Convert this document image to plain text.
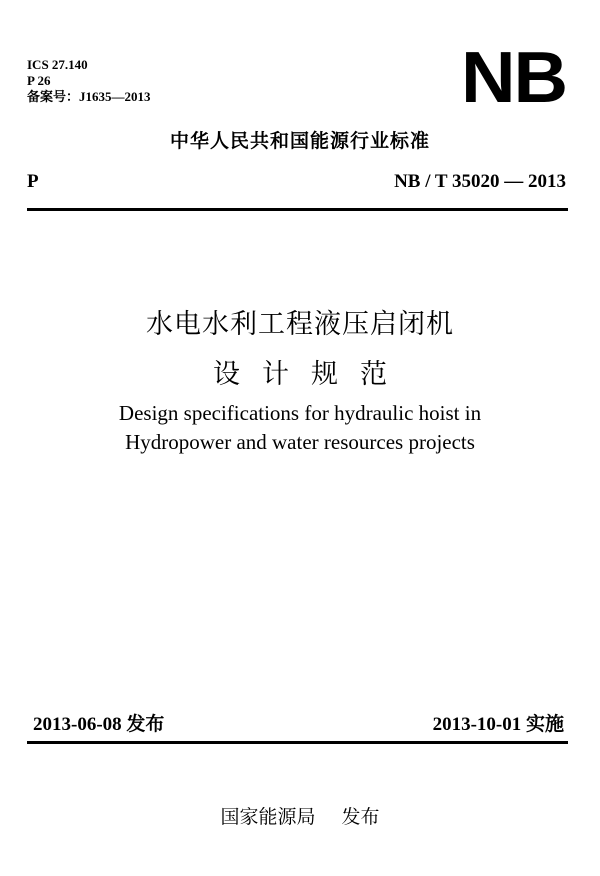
ICS 27.140
P 26
备案号：J1635—2013	NB
中华人民共和国能源行业标准
P	NB / T 35020 — 2013
水电水利工程液压启闭机
设计规范
Design specifications for hydraulic hoist in
Hydropower and water resources projects
2013-06-08 发布	2013-10-01 实施
国家能源局 发布
